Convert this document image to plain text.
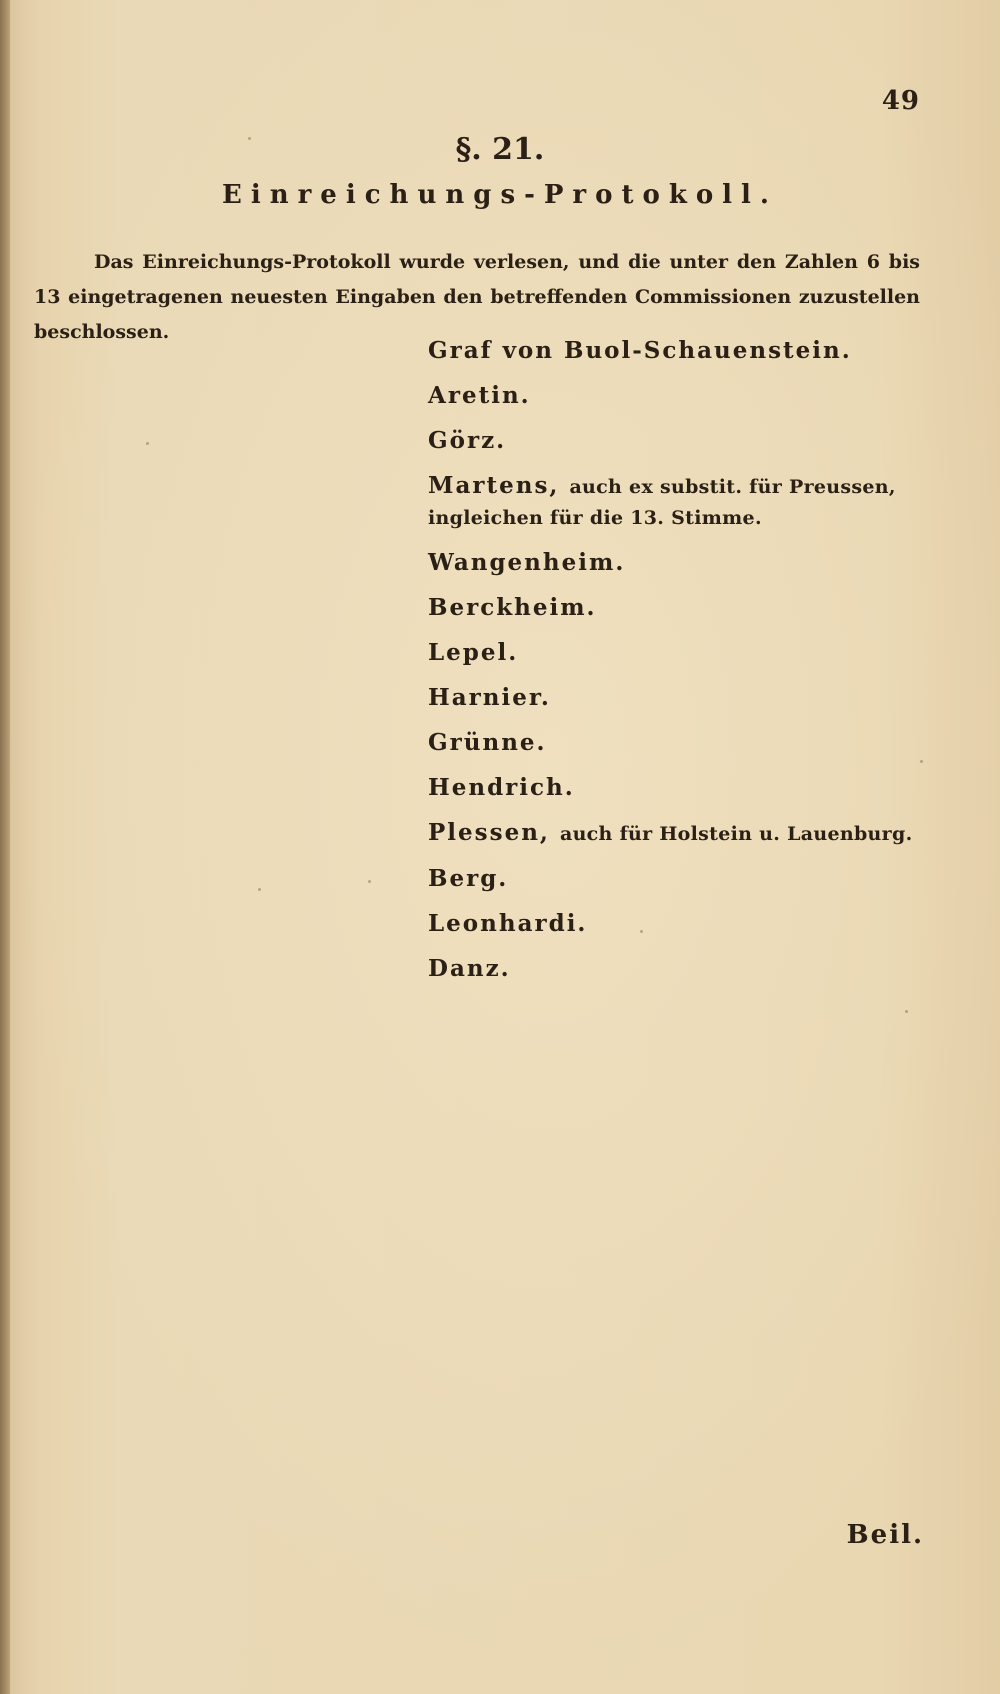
49
§. 21.
Einreichungs-Protokoll.

Das Einreichungs-Protokoll wurde verlesen, und die unter den Zahlen 6 bis 13 eingetragenen neuesten Eingaben den betreffenden Commissionen zuzustellen beschlossen.

Graf von Buol-Schauenstein.
Aretin.
Görz.
Martens, auch ex substit. für Preussen, ingleichen für die 13. Stimme.
Wangenheim.
Berckheim.
Lepel.
Harnier.
Grünne.
Hendrich.
Plessen, auch für Holstein u. Lauenburg.
Berg.
Leonhardi.
Danz.
Beil.
